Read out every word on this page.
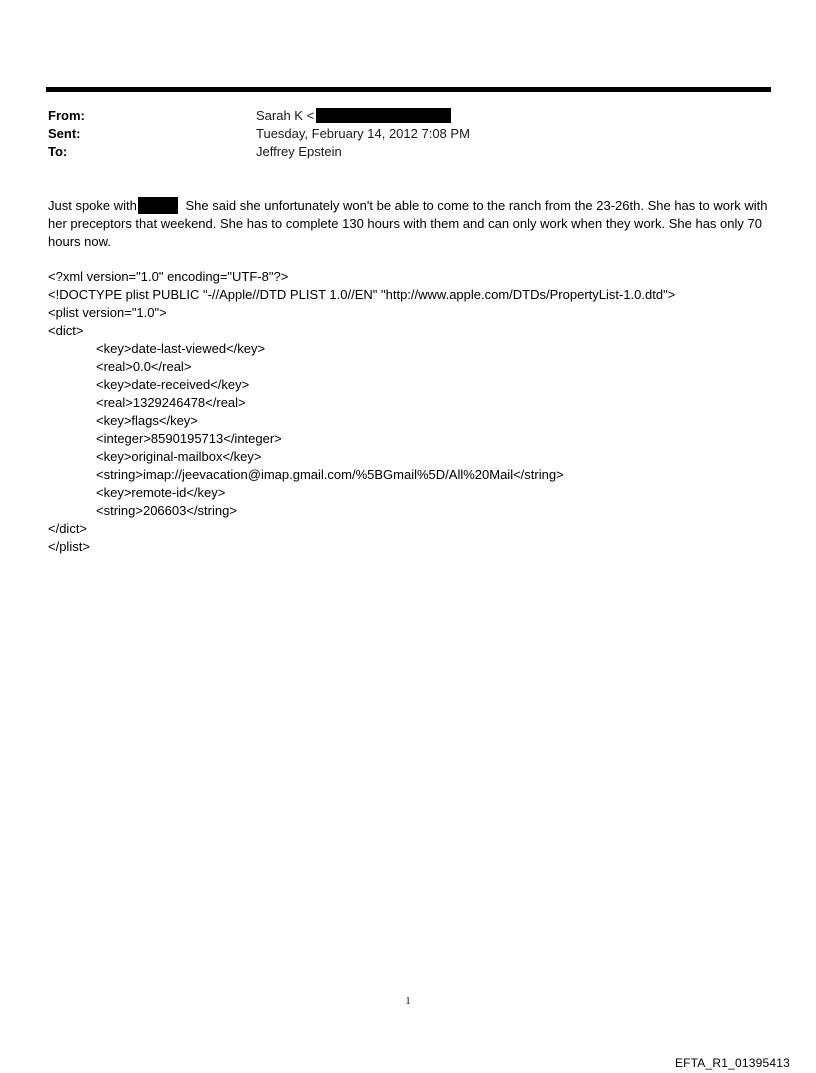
From:	Sarah K <
Sent:	Tuesday, February 14, 2012 7:08 PM
To:	Jeffrey Epstein

Just spoke with	She said she unfortunately won't be able to come to the ranch from the 23-26th. She has to work with her preceptors that weekend. She has to complete 130 hours with them and can only work when they work. She has only 70 hours now.

<?xml version="1.0" encoding="UTF-8"?>
<!DOCTYPE plist PUBLIC "-//Apple//DTD PLIST 1.0//EN" "http://www.apple.com/DTDs/PropertyList-1.0.dtd">
<plist version="1.0">
<dict>
<key>date-last-viewed</key>
<real>0.0</real>
<key>date-received</key>
<real>1329246478</real>
<key>flags</key>
<integer>8590195713</integer>
<key>original-mailbox</key>
<string>imap://jeevacation@imap.gmail.com/%5BGmail%5D/All%20Mail</string>
<key>remote-id</key>
<string>206603</string>
</dict>
</plist>
1
EFTA_R1_01395413
